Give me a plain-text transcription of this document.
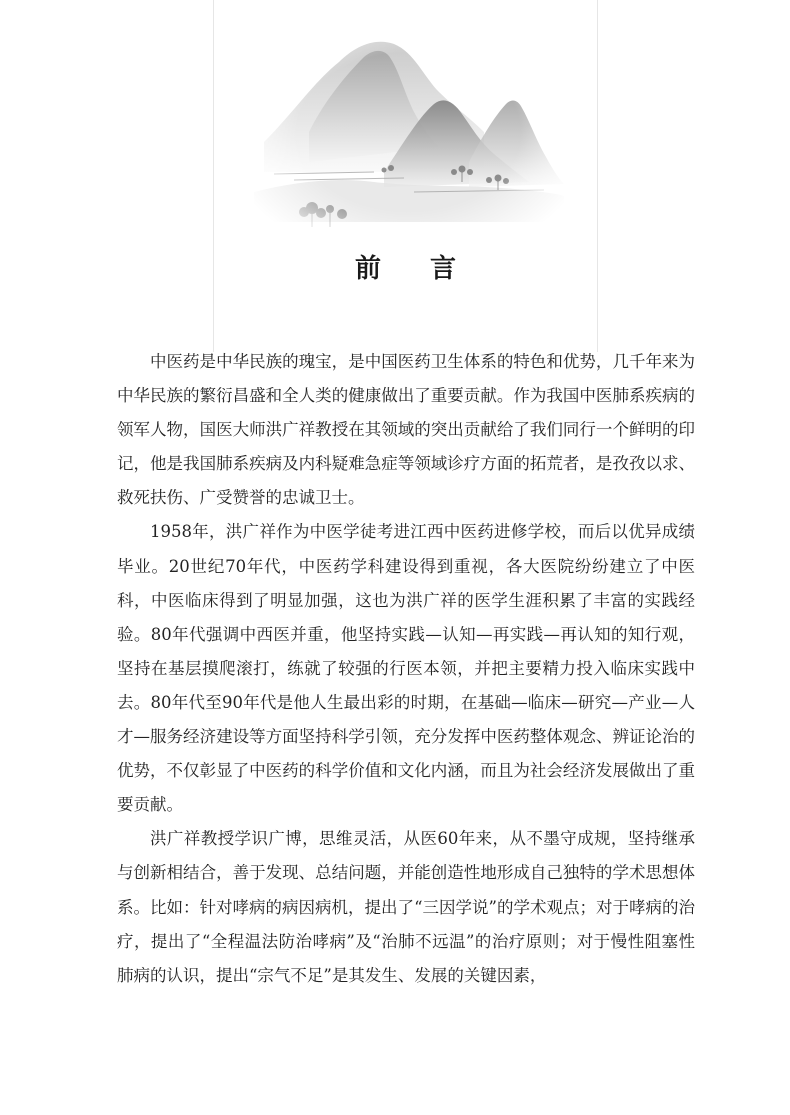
前 言

中医药是中华民族的瑰宝，是中国医药卫生体系的特色和优势，几千年来为中华民族的繁衍昌盛和全人类的健康做出了重要贡献。作为我国中医肺系疾病的领军人物，国医大师洪广祥教授在其领域的突出贡献给了我们同行一个鲜明的印记，他是我国肺系疾病及内科疑难急症等领域诊疗方面的拓荒者，是孜孜以求、救死扶伤、广受赞誉的忠诚卫士。

1958年，洪广祥作为中医学徒考进江西中医药进修学校，而后以优异成绩毕业。20世纪70年代，中医药学科建设得到重视，各大医院纷纷建立了中医科，中医临床得到了明显加强，这也为洪广祥的医学生涯积累了丰富的实践经验。80年代强调中西医并重，他坚持实践—认知—再实践—再认知的知行观，坚持在基层摸爬滚打，练就了较强的行医本领，并把主要精力投入临床实践中去。80年代至90年代是他人生最出彩的时期，在基础—临床—研究—产业—人才—服务经济建设等方面坚持科学引领，充分发挥中医药整体观念、辨证论治的优势，不仅彰显了中医药的科学价值和文化内涵，而且为社会经济发展做出了重要贡献。

洪广祥教授学识广博，思维灵活，从医60年来，从不墨守成规，坚持继承与创新相结合，善于发现、总结问题，并能创造性地形成自己独特的学术思想体系。比如：针对哮病的病因病机，提出了“三因学说”的学术观点；对于哮病的治疗，提出了“全程温法防治哮病”及“治肺不远温”的治疗原则；对于慢性阻塞性肺病的认识，提出“宗气不足”是其发生、发展的关键因素，
